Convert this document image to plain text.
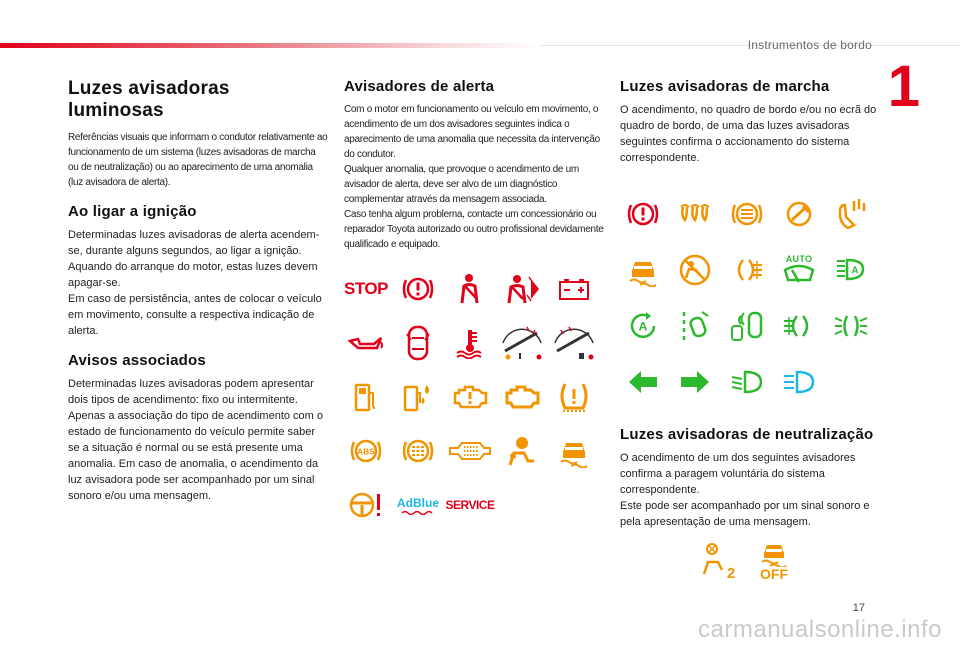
Instrumentos de bordo
1
17
carmanualsonline.info
Luzes avisadoras luminosas

Referências visuais que informam o condutor relativamente ao funcionamento de um sistema (luzes avisadoras de marcha ou de neutralização) ou ao aparecimento de uma anomalia (luz avisadora de alerta).

Ao ligar a ignição

Determinadas luzes avisadoras de alerta acendem-se, durante alguns segundos, ao ligar a ignição. Aquando do arranque do motor, estas luzes devem apagar-se.

Em caso de persistência, antes de colocar o veículo em movimento, consulte a respectiva indicação de alerta.

Avisos associados

Determinadas luzes avisadoras podem apresentar dois tipos de acendimento: fixo ou intermitente.

Apenas a associação do tipo de acendimento com o estado de funcionamento do veículo permite saber se a situação é normal ou se está presente uma anomalia. Em caso de anomalia, o acendimento da luz avisadora pode ser acompanhado por um sinal sonoro e/ou uma mensagem.

Avisadores de alerta

Com o motor em funcionamento ou veículo em movimento, o acendimento de um dos avisadores seguintes indica o aparecimento de uma anomalia que necessita da intervenção do condutor.

Qualquer anomalia, que provoque o acendimento de um avisador de alerta, deve ser alvo de um diagnóstico complementar através da mensagem associada.

Caso tenha algum problema, contacte um concessionário ou reparador Toyota autorizado ou outro profissional devidamente qualificado e equipado.

STOP
ABS
AdBlue SERVICE
Luzes avisadoras de marcha

O acendimento, no quadro de bordo e/ou no ecrã do quadro de bordo, de uma das luzes avisadoras seguintes confirma o accionamento do sistema correspondente.

AUTO
A
A
Luzes avisadoras de neutralização

O acendimento de um dos seguintes avisadores confirma a paragem voluntária do sistema correspondente.

Este pode ser acompanhado por um sinal sonoro e pela apresentação de uma mensagem.

2 OFF
